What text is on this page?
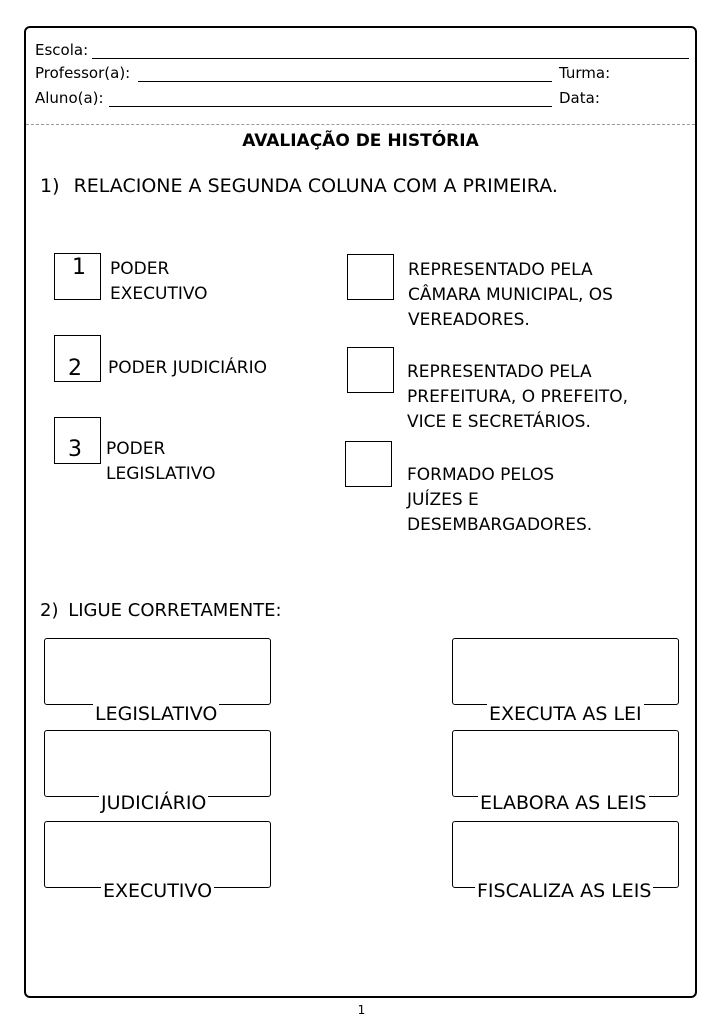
Escola:
Professor(a):	Turma:
Aluno(a):	Data:
AVALIAÇÃO DE HISTÓRIA
1) RELACIONE A SEGUNDA COLUNA COM A PRIMEIRA.
1 PODER
EXECUTIVO
2 PODER JUDICIÁRIO
3 PODER
LEGISLATIVO
REPRESENTADO PELA
CÂMARA MUNICIPAL, OS
VEREADORES.
REPRESENTADO PELA
PREFEITURA, O PREFEITO,
VICE E SECRETÁRIOS.
FORMADO PELOS
JUÍZES E
DESEMBARGADORES.
2) LIGUE CORRETAMENTE:
LEGISLATIVO
JUDICIÁRIO
EXECUTIVO
EXECUTA AS LEI
ELABORA AS LEIS
FISCALIZA AS LEIS
1
